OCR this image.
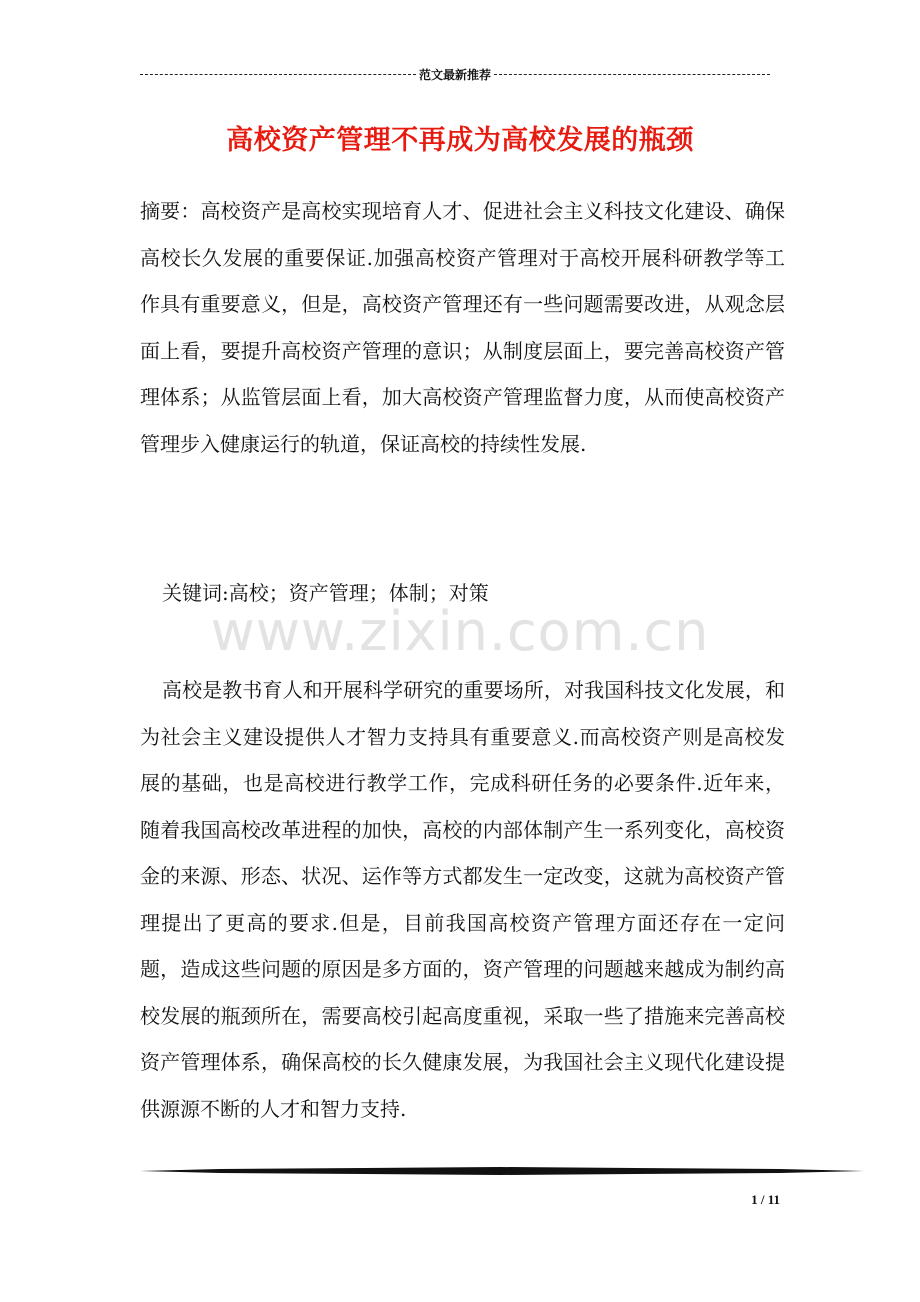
范文最新推荐
高校资产管理不再成为高校发展的瓶颈

摘要：高校资产是高校实现培育人才、促进社会主义科技文化建设、确保高校长久发展的重要保证.加强高校资产管理对于高校开展科研教学等工作具有重要意义，但是，高校资产管理还有一些问题需要改进，从观念层面上看，要提升高校资产管理的意识；从制度层面上，要完善高校资产管理体系；从监管层面上看，加大高校资产管理监督力度，从而使高校资产管理步入健康运行的轨道，保证高校的持续性发展.

关键词:高校；资产管理；体制；对策

www.zixin.com.cn

高校是教书育人和开展科学研究的重要场所，对我国科技文化发展，和为社会主义建设提供人才智力支持具有重要意义.而高校资产则是高校发展的基础，也是高校进行教学工作，完成科研任务的必要条件.近年来，随着我国高校改革进程的加快，高校的内部体制产生一系列变化，高校资金的来源、形态、状况、运作等方式都发生一定改变，这就为高校资产管理提出了更高的要求.但是，目前我国高校资产管理方面还存在一定问题，造成这些问题的原因是多方面的，资产管理的问题越来越成为制约高校发展的瓶颈所在，需要高校引起高度重视，采取一些了措施来完善高校资产管理体系，确保高校的长久健康发展，为我国社会主义现代化建设提供源源不断的人才和智力支持.

1 / 11
